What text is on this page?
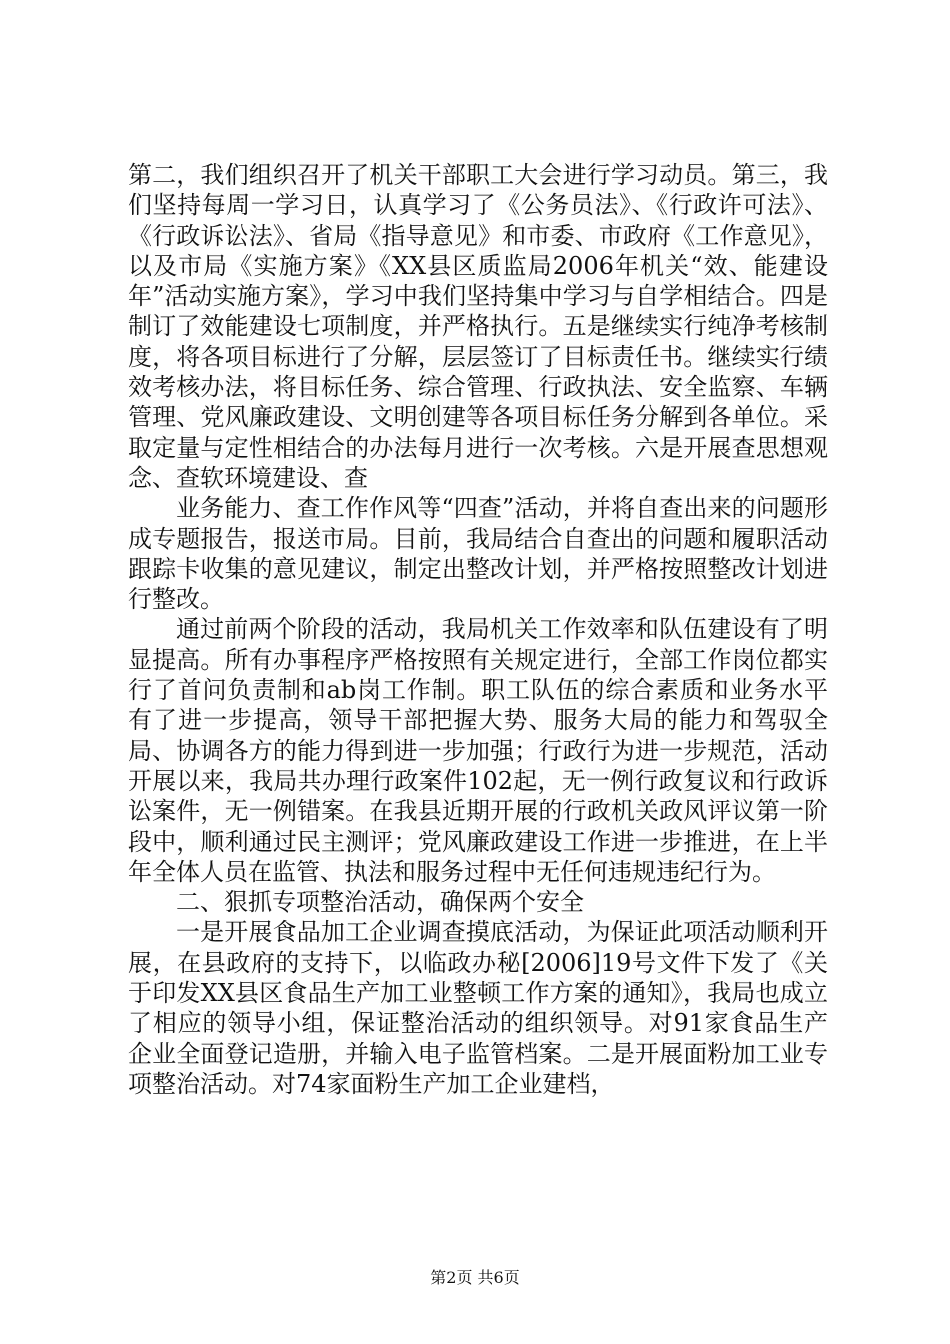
第二，我们组织召开了机关干部职工大会进行学习动员。第三，我们坚持每周一学习日，认真学习了《公务员法》、《行政许可法》、《行政诉讼法》、省局《指导意见》和市委、市政府《工作意见》，以及市局《实施方案》《XX县区质监局2006年机关“效、能建设年”活动实施方案》，学习中我们坚持集中学习与自学相结合。四是制订了效能建设七项制度，并严格执行。五是继续实行纯净考核制度，将各项目标进行了分解，层层签订了目标责任书。继续实行绩效考核办法，将目标任务、综合管理、行政执法、安全监察、车辆管理、党风廉政建设、文明创建等各项目标任务分解到各单位。采取定量与定性相结合的办法每月进行一次考核。六是开展查思想观念、查软环境建设、查

业务能力、查工作作风等“四查”活动，并将自查出来的问题形成专题报告，报送市局。目前，我局结合自查出的问题和履职活动跟踪卡收集的意见建议，制定出整改计划，并严格按照整改计划进行整改。

通过前两个阶段的活动，我局机关工作效率和队伍建设有了明显提高。所有办事程序严格按照有关规定进行，全部工作岗位都实行了首问负责制和ab岗工作制。职工队伍的综合素质和业务水平有了进一步提高，领导干部把握大势、服务大局的能力和驾驭全局、协调各方的能力得到进一步加强；行政行为进一步规范，活动开展以来，我局共办理行政案件102起，无一例行政复议和行政诉讼案件，无一例错案。在我县近期开展的行政机关政风评议第一阶段中，顺利通过民主测评；党风廉政建设工作进一步推进，在上半年全体人员在监管、执法和服务过程中无任何违规违纪行为。

二、狠抓专项整治活动，确保两个安全

一是开展食品加工企业调查摸底活动，为保证此项活动顺利开展，在县政府的支持下，以临政办秘[2006]19号文件下发了《关于印发XX县区食品生产加工业整顿工作方案的通知》，我局也成立了相应的领导小组，保证整治活动的组织领导。对91家食品生产企业全面登记造册，并输入电子监管档案。二是开展面粉加工业专项整治活动。对74家面粉生产加工企业建档，

第2页 共6页
